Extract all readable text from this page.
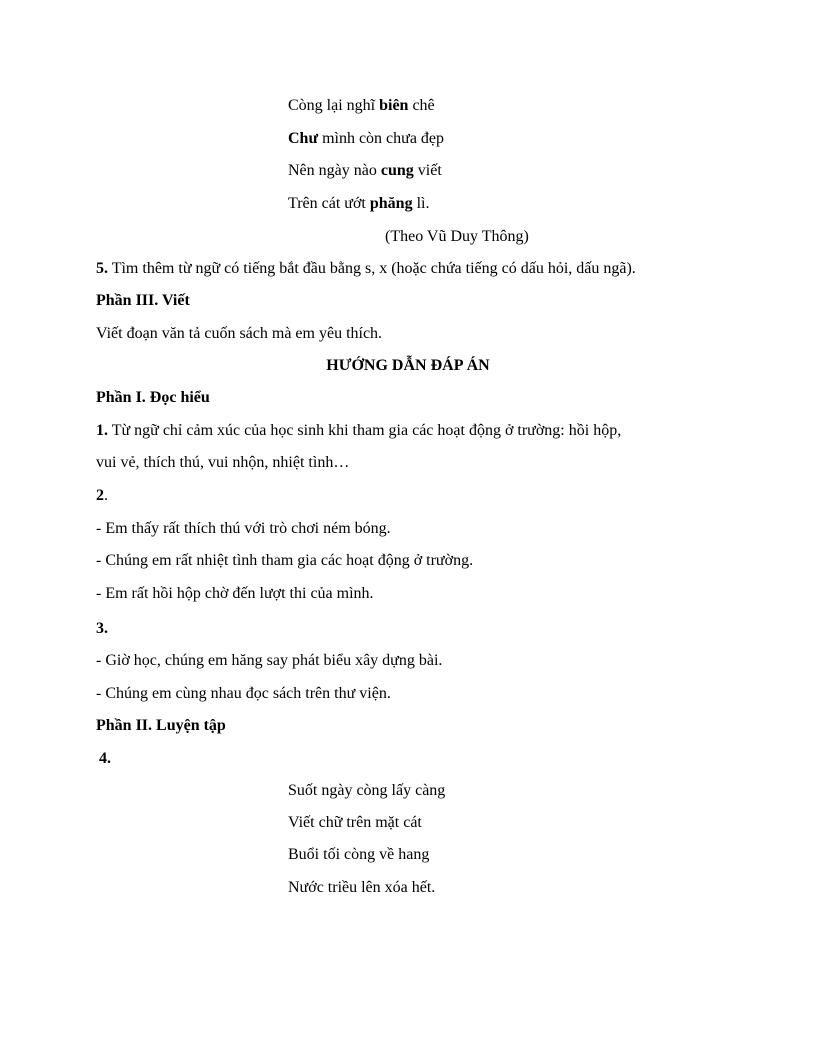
Còng lại nghĩ biên chê
Chư mình còn chưa đẹp
Nên ngày nào cung viết
Trên cát ướt phăng lì.
(Theo Vũ Duy Thông)
5. Tìm thêm từ ngữ có tiếng bắt đầu bằng s, x (hoặc chứa tiếng có dấu hỏi, dấu ngã).
Phần III. Viết
Viết đoạn văn tả cuốn sách mà em yêu thích.
HƯỚNG DẪN ĐÁP ÁN
Phần I. Đọc hiểu
1. Từ ngữ chỉ cảm xúc của học sinh khi tham gia các hoạt động ở trường: hồi hộp,
vui vẻ, thích thú, vui nhộn, nhiệt tình…
2.
- Em thấy rất thích thú với trò chơi ném bóng.
- Chúng em rất nhiệt tình tham gia các hoạt động ở trường.
- Em rất hồi hộp chờ đến lượt thi của mình.
3.
- Giờ học, chúng em hăng say phát biểu xây dựng bài.
- Chúng em cùng nhau đọc sách trên thư viện.
Phần II. Luyện tập
4.
Suốt ngày còng lấy càng
Viết chữ trên mặt cát
Buổi tối còng về hang
Nước triều lên xóa hết.
